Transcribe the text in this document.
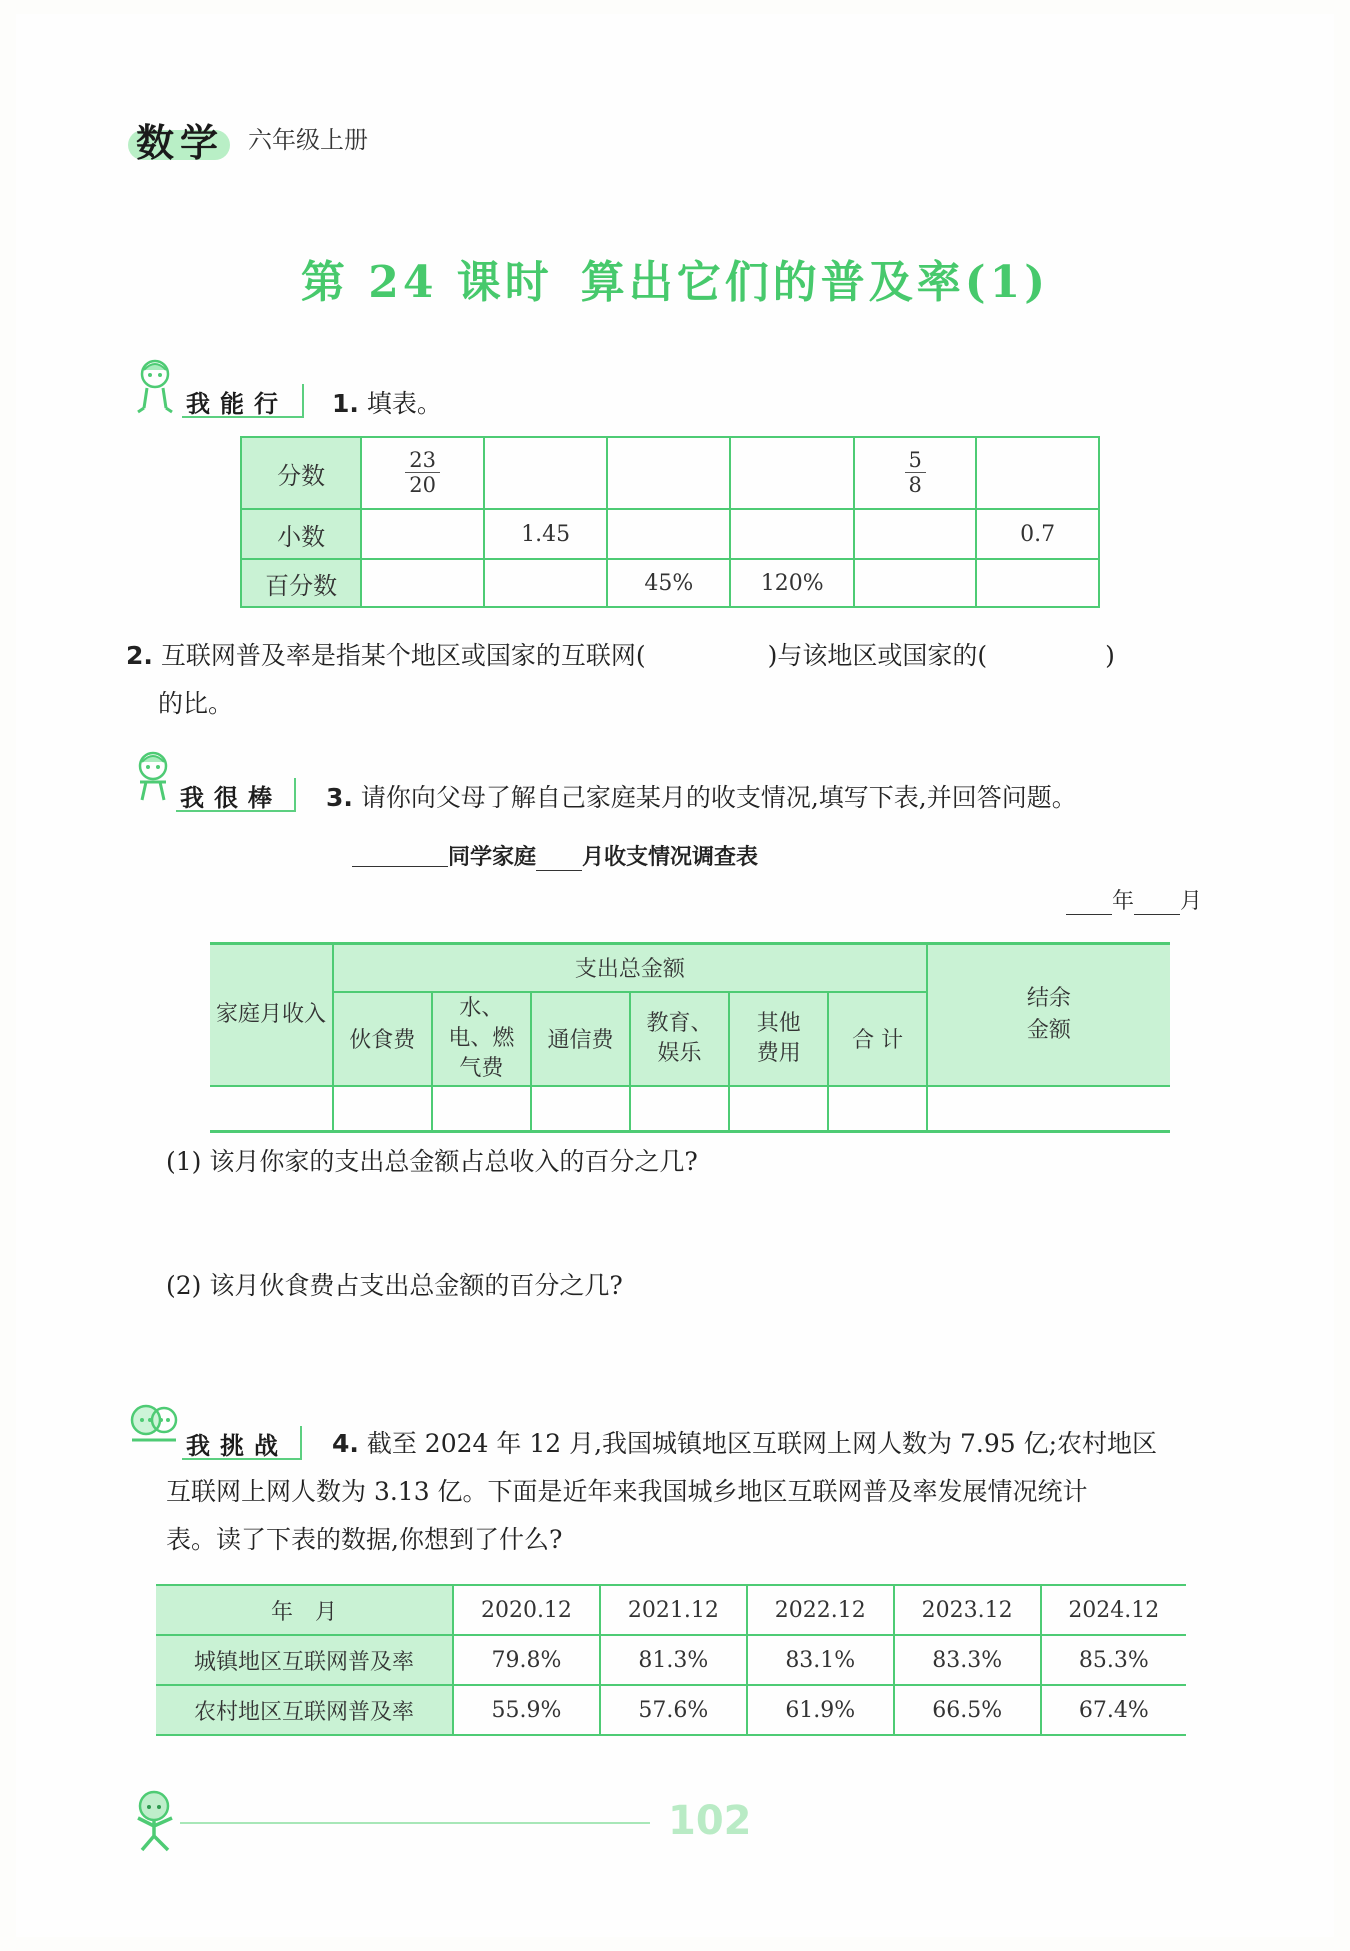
数学 六年级上册
第 24 课时 算出它们的普及率(1)
我能行 1. 填表。
分数	$\frac{23}{20}$				$\frac{5}{8}$

小数		1.45				0.7
百分数			45%	120%		
2. 互联网普及率是指某个地区或国家的互联网(	)与该地区或国家的(	)
的比。
我很棒 3. 请你向父母了解自己家庭某月的收支情况,填写下表,并回答问题。
同学家庭 月收支情况调查表
年 月
家庭月收入	支出总金额						结余金额
	伙食费	水、电、燃气费	通信费	教育、娱乐	其他费用	合 计	

(1) 该月你家的支出总金额占总收入的百分之几?
(2) 该月伙食费占支出总金额的百分之几?
我挑战 4. 截至 2024 年 12 月,我国城镇地区互联网上网人数为 7.95 亿;农村地区
互联网上网人数为 3.13 亿。下面是近年来我国城乡地区互联网普及率发展情况统计
表。读了下表的数据,你想到了什么?
年　月	2020.12	2021.12	2022.12	2023.12	2024.12
城镇地区互联网普及率	79.8%	81.3%	83.1%	83.3%	85.3%
农村地区互联网普及率	55.9%	57.6%	61.9%	66.5%	67.4%
102
